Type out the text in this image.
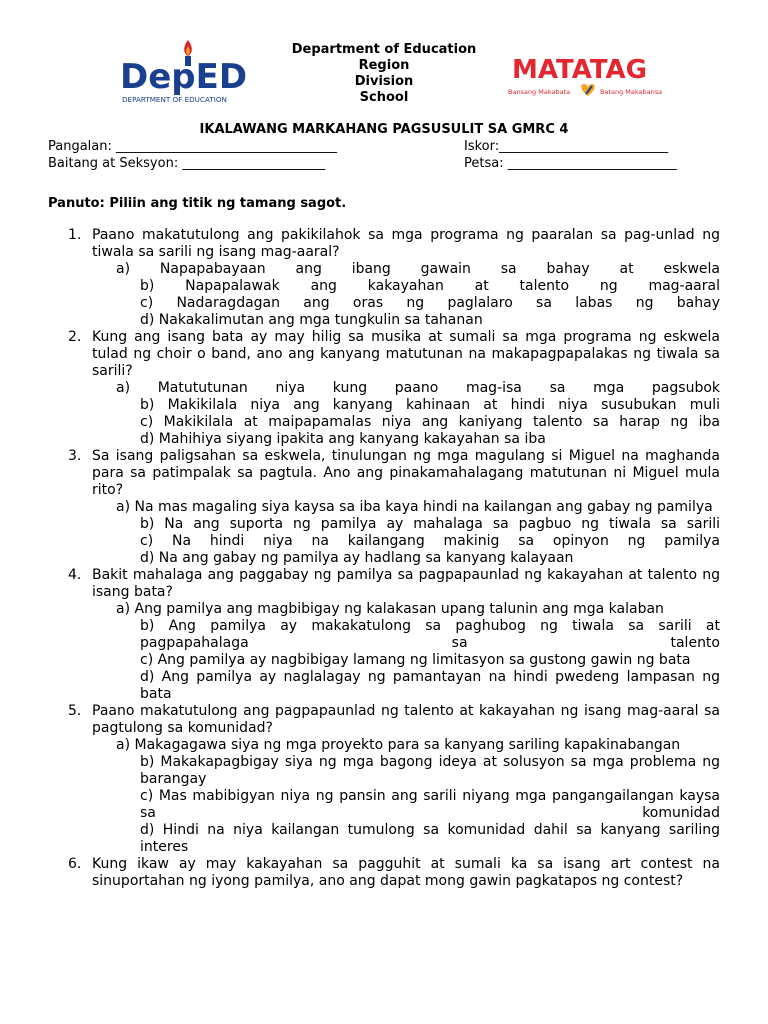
DepED
DEPARTMENT OF EDUCATION
Department of Education
Region
Division
School
MATATAG
Bansang Makabata	Batang Makabansa
IKALAWANG MARKAHANG PAGSUSULIT SA GMRC 4
Pangalan: __________________________________	Iskor:__________________________
Baitang at Seksyon: ______________________	Petsa: __________________________
Panuto: Piliin ang titik ng tamang sagot.
1. Paano makatutulong ang pakikilahok sa mga programa ng paaralan sa pag-unlad ng tiwala sa sarili ng isang mag-aaral?
a) Napapabayaan ang ibang gawain sa bahay at eskwela
b) Napapalawak ang kakayahan at talento ng mag-aaral
c) Nadaragdagan ang oras ng paglalaro sa labas ng bahay
d) Nakakalimutan ang mga tungkulin sa tahanan
2. Kung ang isang bata ay may hilig sa musika at sumali sa mga programa ng eskwela tulad ng choir o band, ano ang kanyang matutunan na makapagpapalakas ng tiwala sa sarili?
a) Matututunan niya kung paano mag-isa sa mga pagsubok
b) Makikilala niya ang kanyang kahinaan at hindi niya susubukan muli
c) Makikilala at maipapamalas niya ang kaniyang talento sa harap ng iba
d) Mahihiya siyang ipakita ang kanyang kakayahan sa iba
3. Sa isang paligsahan sa eskwela, tinulungan ng mga magulang si Miguel na maghanda para sa patimpalak sa pagtula. Ano ang pinakamahalagang matutunan ni Miguel mula rito?
a) Na mas magaling siya kaysa sa iba kaya hindi na kailangan ang gabay ng pamilya
b) Na ang suporta ng pamilya ay mahalaga sa pagbuo ng tiwala sa sarili
c) Na hindi niya na kailangang makinig sa opinyon ng pamilya
d) Na ang gabay ng pamilya ay hadlang sa kanyang kalayaan
4. Bakit mahalaga ang paggabay ng pamilya sa pagpapaunlad ng kakayahan at talento ng isang bata?
a) Ang pamilya ang magbibigay ng kalakasan upang talunin ang mga kalaban
b) Ang pamilya ay makakatulong sa paghubog ng tiwala sa sarili at pagpapahalaga sa talento
c) Ang pamilya ay nagbibigay lamang ng limitasyon sa gustong gawin ng bata
d) Ang pamilya ay naglalagay ng pamantayan na hindi pwedeng lampasan ng bata
5. Paano makatutulong ang pagpapaunlad ng talento at kakayahan ng isang mag-aaral sa pagtulong sa komunidad?
a) Makagagawa siya ng mga proyekto para sa kanyang sariling kapakinabangan
b) Makakapagbigay siya ng mga bagong ideya at solusyon sa mga problema ng barangay
c) Mas mabibigyan niya ng pansin ang sarili niyang mga pangangailangan kaysa sa komunidad
d) Hindi na niya kailangan tumulong sa komunidad dahil sa kanyang sariling interes
6. Kung ikaw ay may kakayahan sa pagguhit at sumali ka sa isang art contest na sinuportahan ng iyong pamilya, ano ang dapat mong gawin pagkatapos ng contest?
